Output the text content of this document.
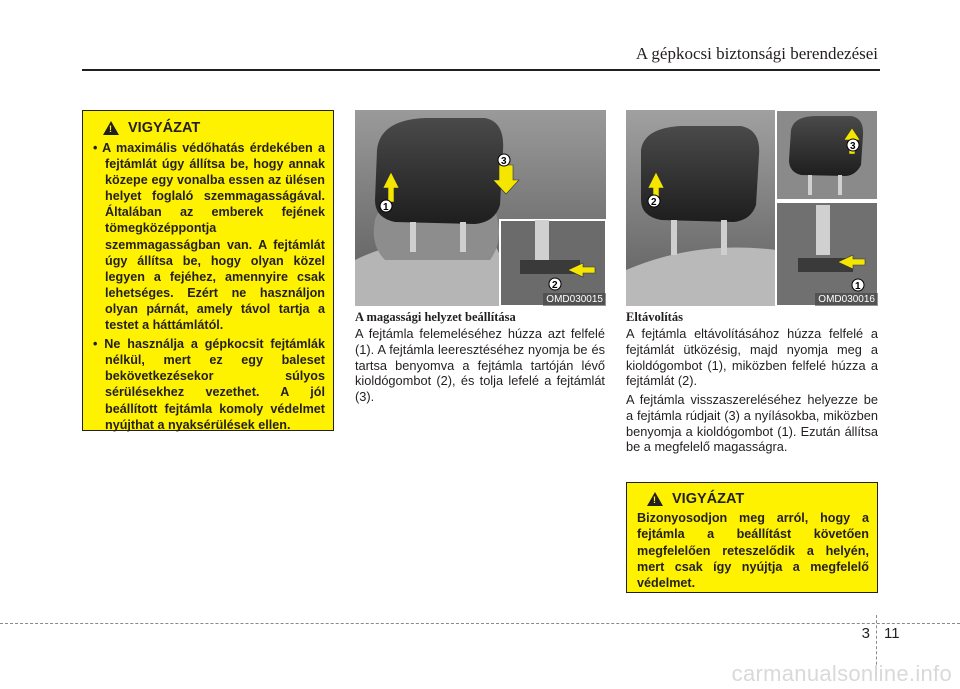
A gépkocsi biztonsági berendezései
! VIGYÁZAT
• A maximális védőhatás érdekében a fejtámlát úgy állítsa be, hogy annak közepe egy vonalba essen az ülésen helyet foglaló szemmagasságával. Általában az emberek fejének tömegközéppontja szemmagasságban van. A fejtámlát úgy állítsa be, hogy olyan közel legyen a fejéhez, amennyire csak lehetséges. Ezért ne használjon olyan párnát, amely távol tartja a testet a háttámlától.
• Ne használja a gépkocsit fejtámlák nélkül, mert ez egy baleset bekövetkezésekor súlyos sérülésekhez vezethet. A jól beállított fejtámla komoly védelmet nyújthat a nyaksérülések ellen.
1
2
3
OMD030015
1
2
3
OMD030016
A magassági helyzet beállítása

A fejtámla felemeléséhez húzza azt felfelé (1). A fejtámla leeresztéséhez nyomja be és tartsa benyomva a fejtámla tartóján lévő kioldógombot (2), és tolja lefelé a fejtámlát (3).

Eltávolítás

A fejtámla eltávolításához húzza felfelé a fejtámlát ütközésig, majd nyomja meg a kioldógombot (1), miközben felfelé húzza a fejtámlát (2).

A fejtámla visszaszereléséhez helyezze be a fejtámla rúdjait (3) a nyílásokba, miközben benyomja a kioldógombot (1). Ezután állítsa be a megfelelő magasságra.

! VIGYÁZAT

Bizonyosodjon meg arról, hogy a fejtámla a beállítást követően megfelelően reteszelődik a helyén, mert csak így nyújtja a megfelelő védelmet.

3 11
carmanualsonline.info
